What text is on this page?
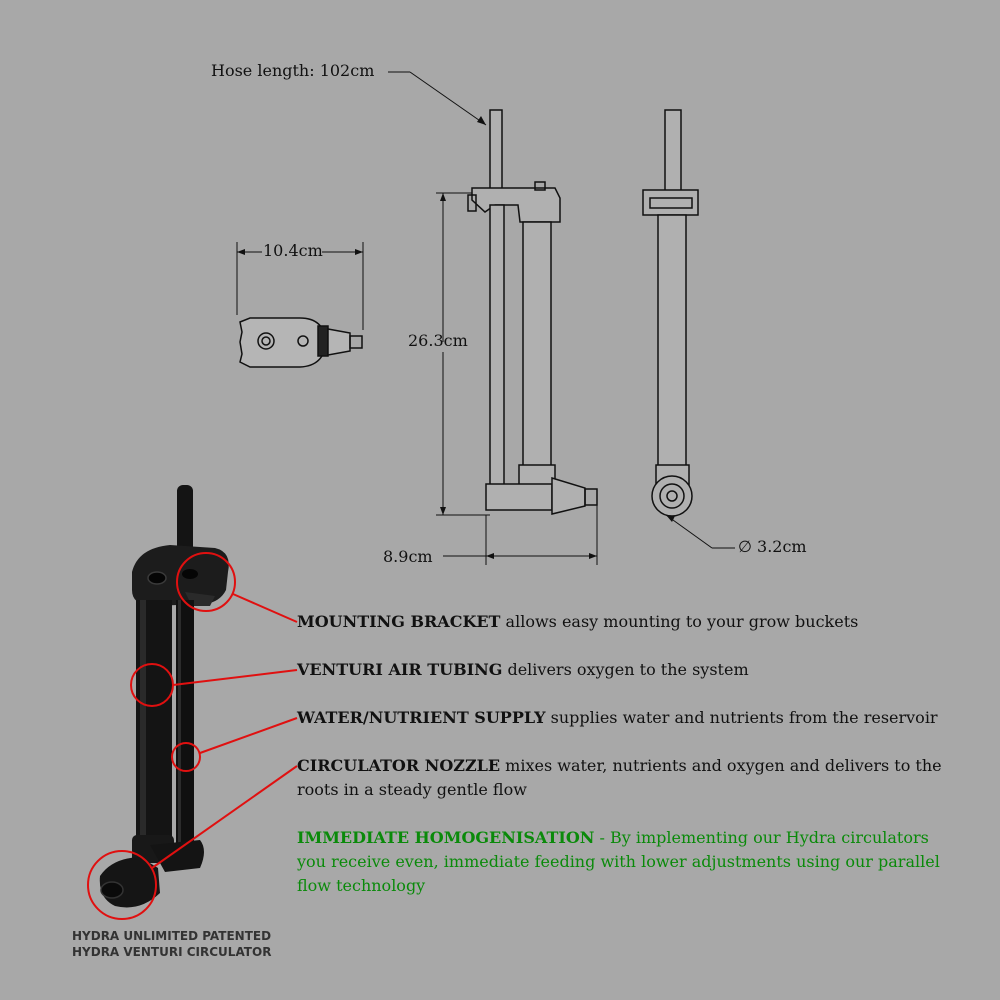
Hose length: 102cm
10.4cm
26.3cm
8.9cm
∅ 3.2cm
MOUNTING BRACKET allows easy mounting to your grow buckets
VENTURI AIR TUBING delivers oxygen to the system
WATER/NUTRIENT SUPPLY supplies water and nutrients from the reservoir
CIRCULATOR NOZZLE mixes water, nutrients and oxygen and delivers to the roots in a steady gentle flow
IMMEDIATE HOMOGENISATION - By implementing our Hydra circulators you receive even, immediate feeding with lower adjustments using our parallel flow technology
HYDRA UNLIMITED PATENTED
HYDRA VENTURI CIRCULATOR
